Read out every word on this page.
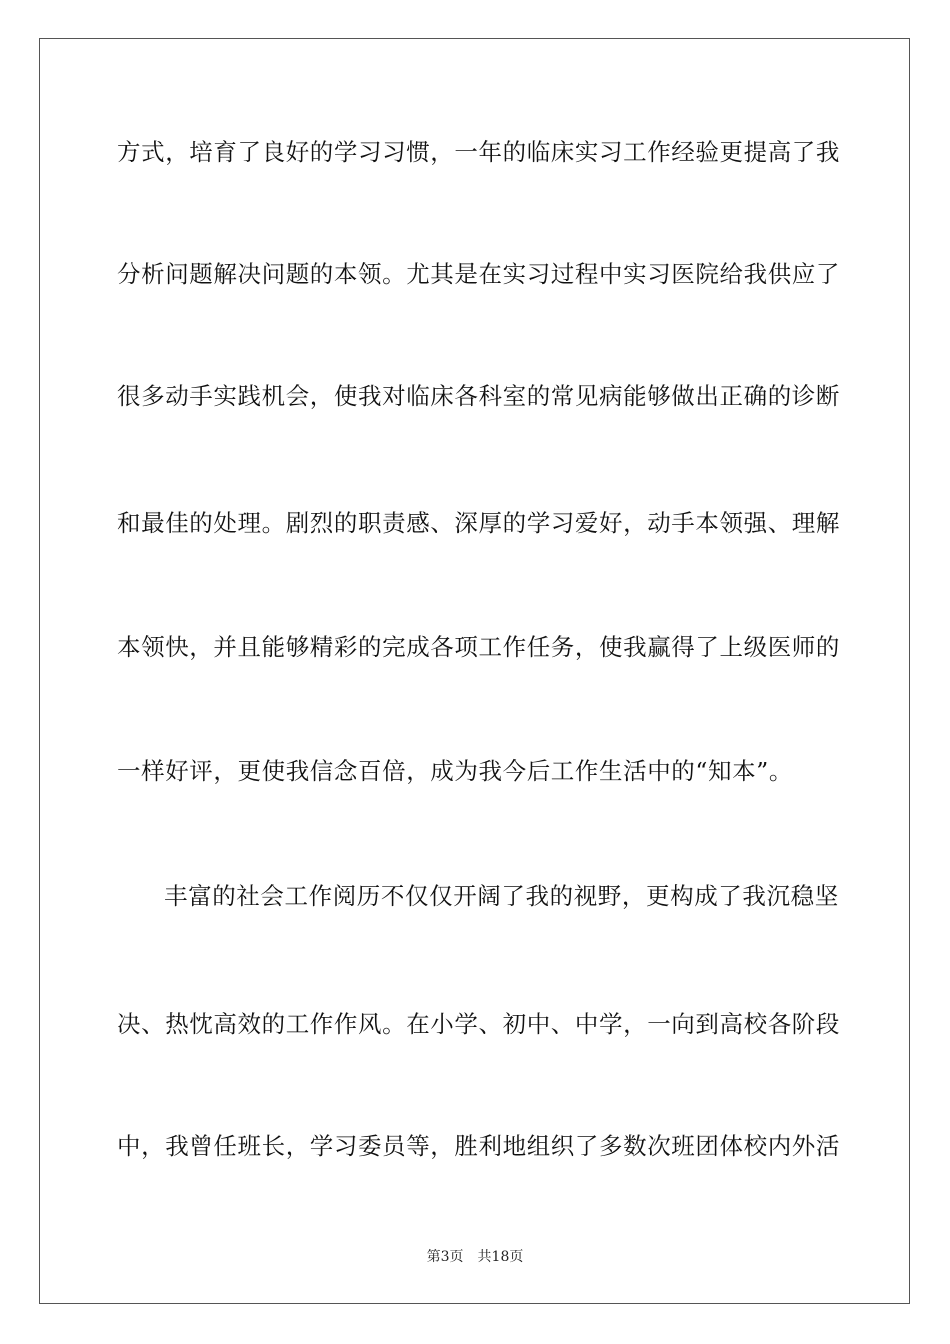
方式，培育了良好的学习习惯，一年的临床实习工作经验更提高了我
分析问题解决问题的本领。尤其是在实习过程中实习医院给我供应了
很多动手实践机会，使我对临床各科室的常见病能够做出正确的诊断
和最佳的处理。剧烈的职责感、深厚的学习爱好，动手本领强、理解
本领快，并且能够精彩的完成各项工作任务，使我赢得了上级医师的
一样好评，更使我信念百倍，成为我今后工作生活中的“知本”。
丰富的社会工作阅历不仅仅开阔了我的视野，更构成了我沉稳坚
决、热忱高效的工作作风。在小学、初中、中学，一向到高校各阶段
中，我曾任班长，学习委员等，胜利地组织了多数次班团体校内外活
第3页 共18页
